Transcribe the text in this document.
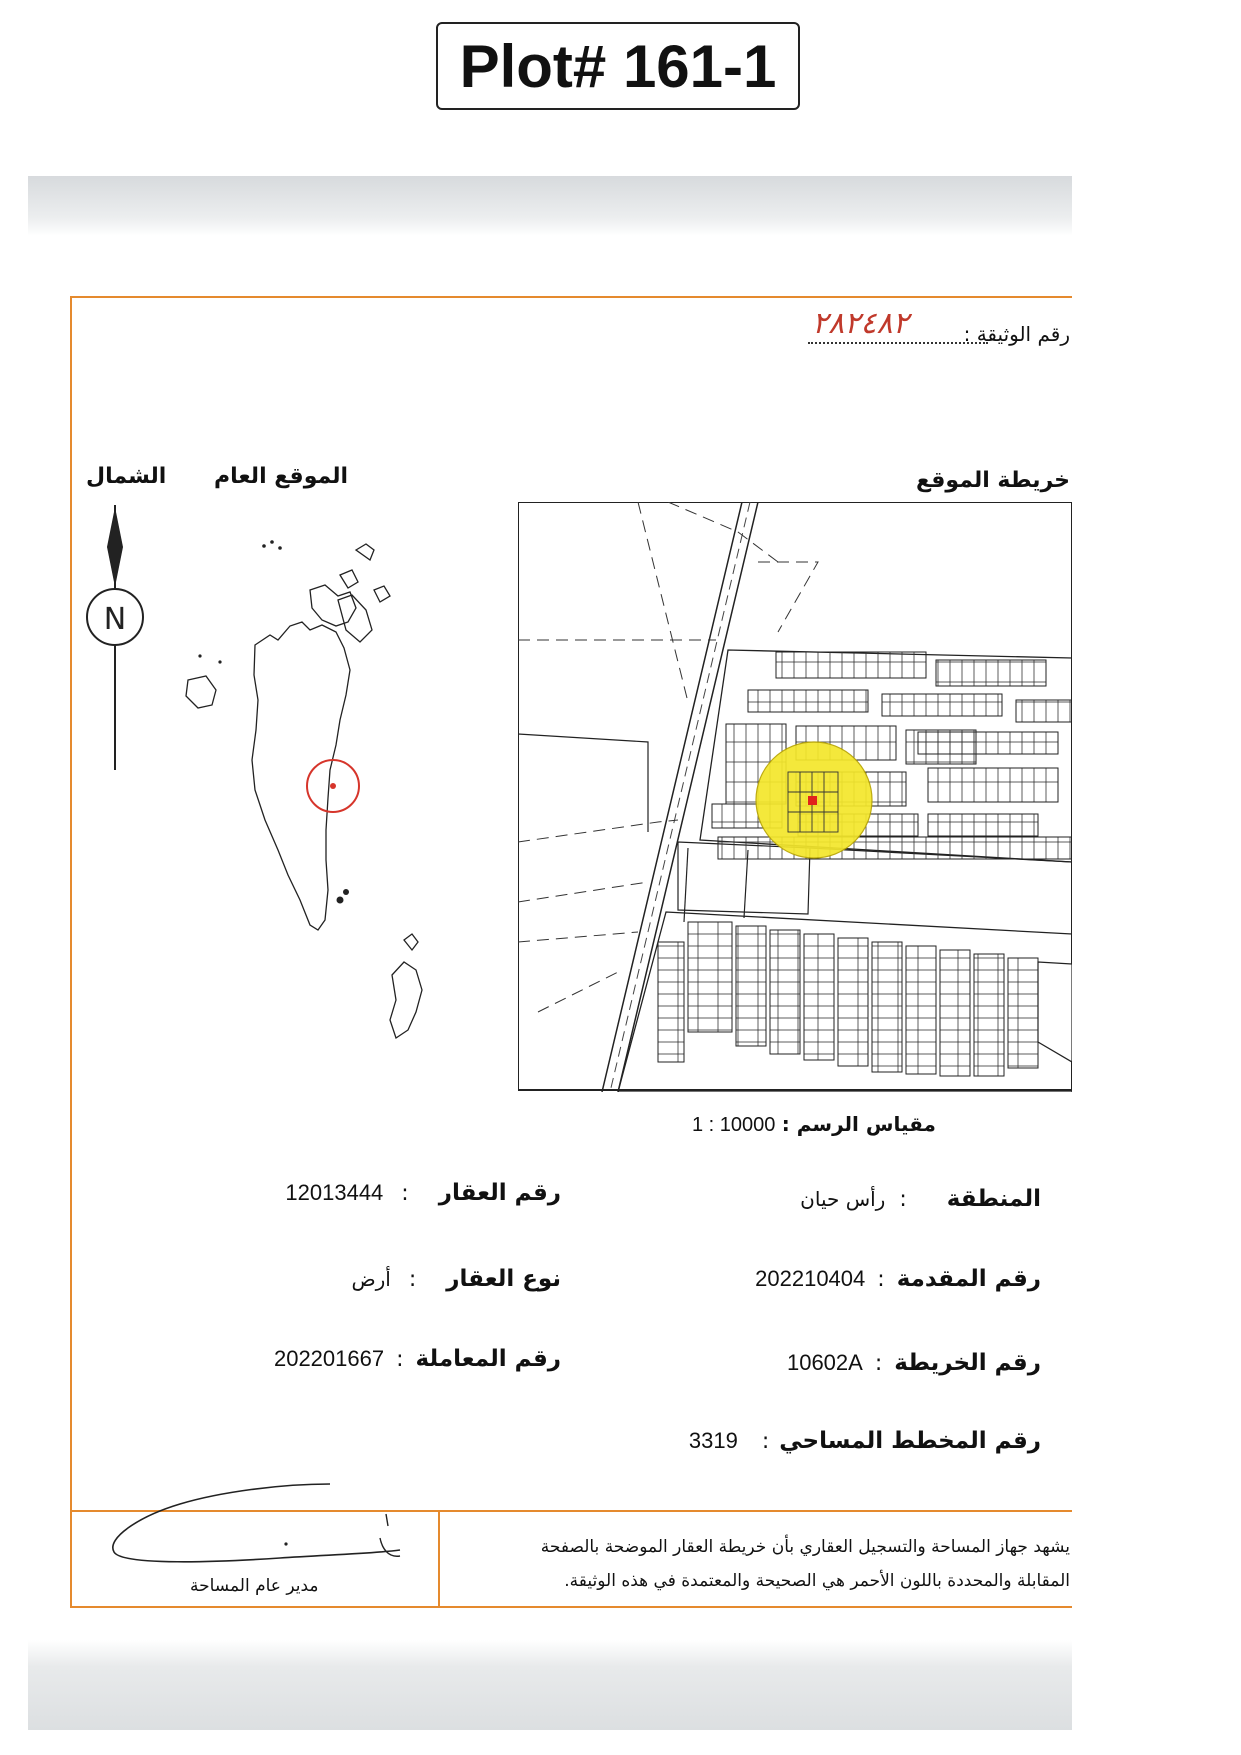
Plot# 161-1
رقم الوثيقة :
٢٨٢٤٨٢
الشمال الموقع العام	خريطة الموقع
N
مقياس الرسم : 1 : 10000
المنطقة
:
رأس حيان
رقم المقدمة
:
202210404
رقم الخريطة
:
10602A
رقم المخطط المساحي
:
3319
رقم العقار
:
12013444
نوع العقار
:
أرض
رقم المعاملة
:
202201667
يشهد جهاز المساحة والتسجيل العقاري بأن خريطة العقار الموضحة بالصفحة
المقابلة والمحددة باللون الأحمر هي الصحيحة والمعتمدة في هذه الوثيقة.
مدير عام المساحة
